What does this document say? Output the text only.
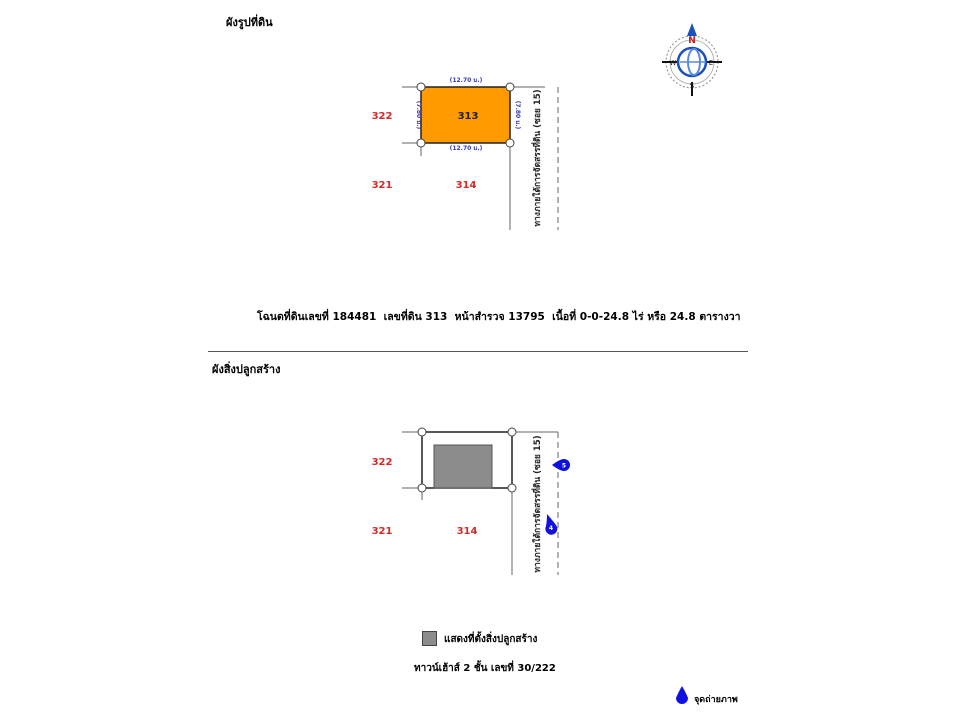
ผังรูปที่ดิน
(12.70 ม.)
(12.70 ม.)
(7.80 ม.)	(7.80 ม.)
313
322
321	314	ทางภายใต้การจัดสรรที่ดิน (ซอย 15)
N
S
E
W
โฉนดที่ดินเลขที่ 184481  เลขที่ดิน 313  หน้าสำรวจ 13795  เนื้อที่ 0-0-24.8 ไร่ หรือ 24.8 ตารางวา
ผังสิ่งปลูกสร้าง
322
321	314	ทางภายใต้การจัดสรรที่ดิน (ซอย 15)	5
4
แสดงที่ตั้งสิ่งปลูกสร้าง
ทาวน์เฮ้าส์ 2 ชั้น เลขที่ 30/222
จุดถ่ายภาพ
